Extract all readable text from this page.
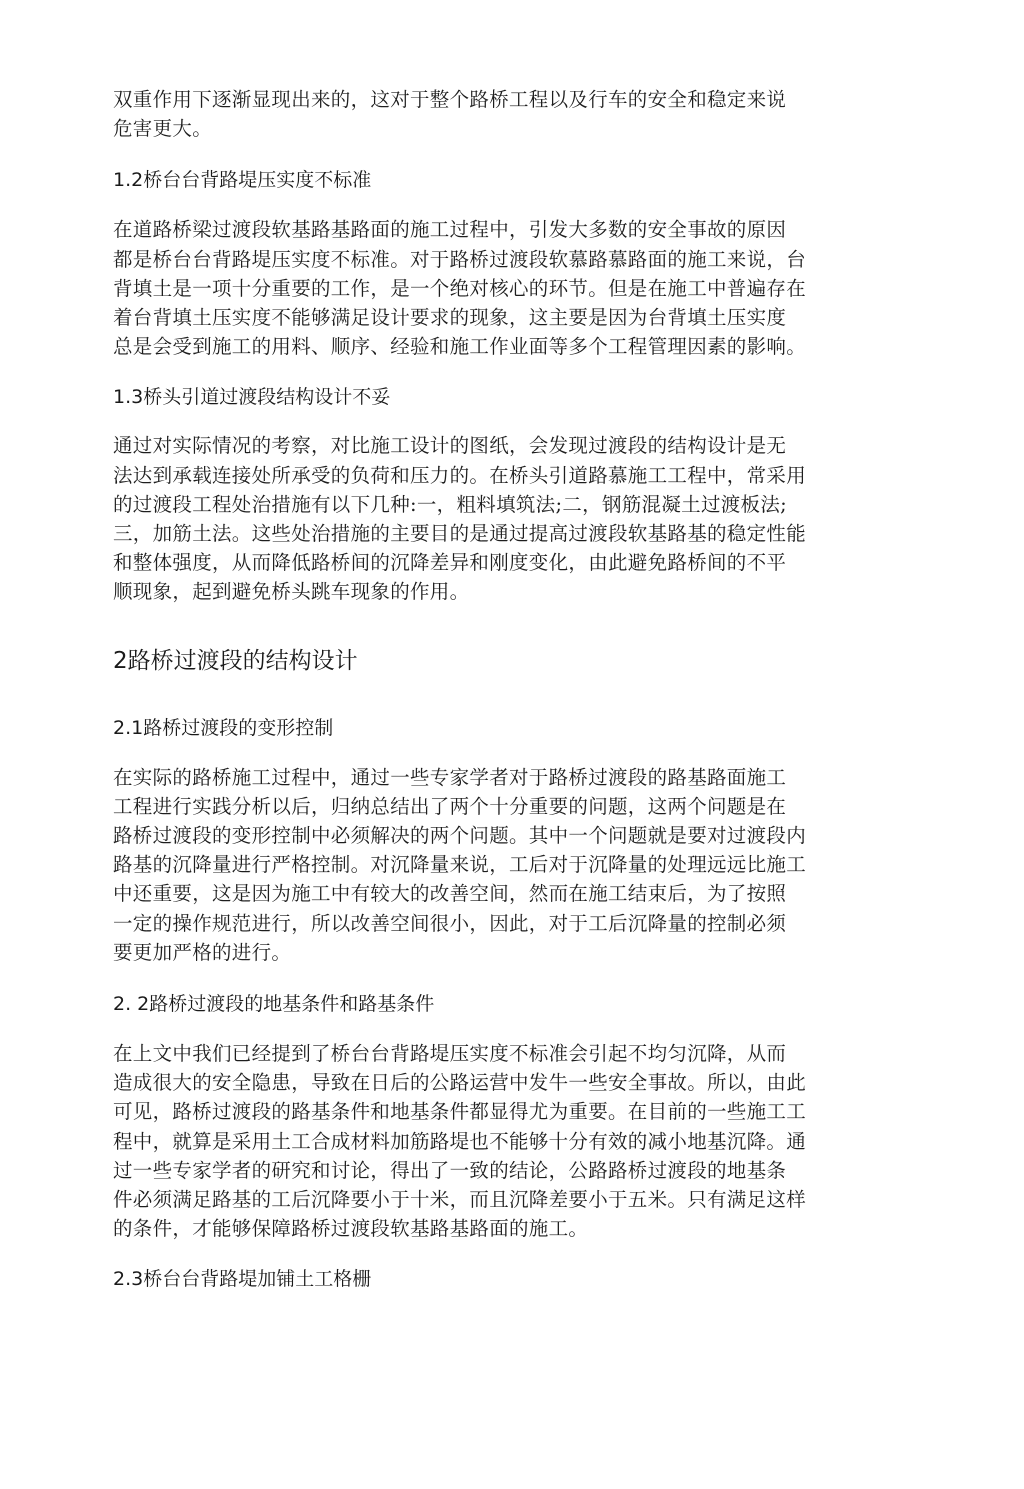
双重作用下逐渐显现出来的，这对于整个路桥工程以及行车的安全和稳定来说
危害更大。

1.2桥台台背路堤压实度不标准

在道路桥梁过渡段软基路基路面的施工过程中，引发大多数的安全事故的原因
都是桥台台背路堤压实度不标准。对于路桥过渡段软慕路慕路面的施工来说，台
背填土是一项十分重要的工作，是一个绝对核心的环节。但是在施工中普遍存在
着台背填土压实度不能够满足设计要求的现象，这主要是因为台背填土压实度
总是会受到施工的用料、顺序、经验和施工作业面等多个工程管理因素的影响。

1.3桥头引道过渡段结构设计不妥

通过对实际情况的考察，对比施工设计的图纸，会发现过渡段的结构设计是无
法达到承载连接处所承受的负荷和压力的。在桥头引道路慕施工工程中，常采用
的过渡段工程处治措施有以下几种:一，粗料填筑法;二，钢筋混凝土过渡板法;
三，加筋土法。这些处治措施的主要目的是通过提高过渡段软基路基的稳定性能
和整体强度，从而降低路桥间的沉降差异和刚度变化，由此避免路桥间的不平
顺现象，起到避免桥头跳车现象的作用。

2路桥过渡段的结构设计
2.1路桥过渡段的变形控制

在实际的路桥施工过程中，通过一些专家学者对于路桥过渡段的路基路面施工
工程进行实践分析以后，归纳总结出了两个十分重要的问题，这两个问题是在
路桥过渡段的变形控制中必须解决的两个问题。其中一个问题就是要对过渡段内
路基的沉降量进行严格控制。对沉降量来说，工后对于沉降量的处理远远比施工
中还重要，这是因为施工中有较大的改善空间，然而在施工结束后，为了按照
一定的操作规范进行，所以改善空间很小，因此，对于工后沉降量的控制必须
要更加严格的进行。

2. 2路桥过渡段的地基条件和路基条件

在上文中我们已经提到了桥台台背路堤压实度不标准会引起不均匀沉降，从而
造成很大的安全隐患，导致在日后的公路运营中发牛一些安全事故。所以，由此
可见，路桥过渡段的路基条件和地基条件都显得尤为重要。在目前的一些施工工
程中，就算是采用土工合成材料加筋路堤也不能够十分有效的减小地基沉降。通
过一些专家学者的研究和讨论，得出了一致的结论，公路路桥过渡段的地基条
件必须满足路基的工后沉降要小于十米，而且沉降差要小于五米。只有满足这样
的条件，才能够保障路桥过渡段软基路基路面的施工。

2.3桥台台背路堤加铺土工格栅
